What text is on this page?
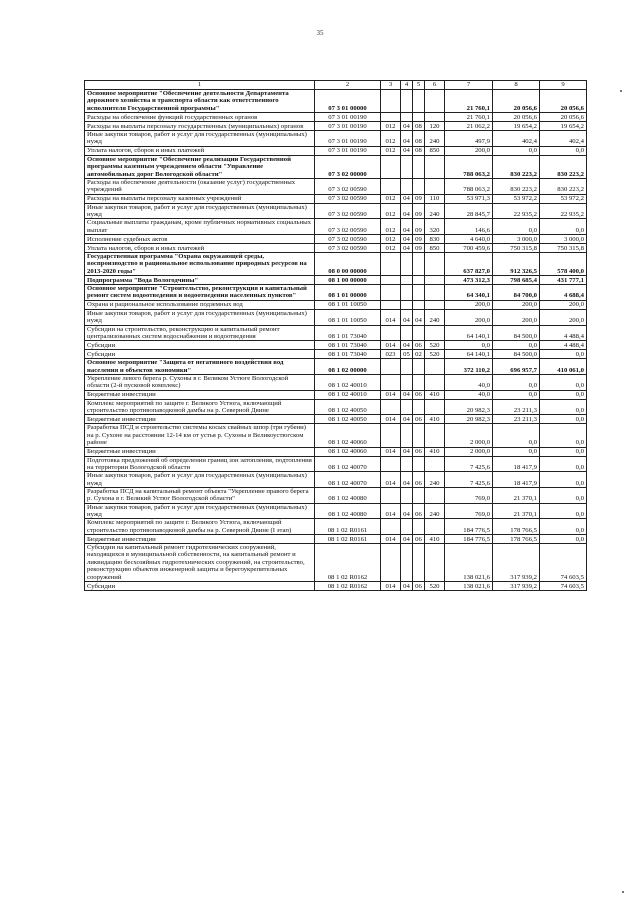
35
1	2	3	4	5	6	7	8	9
Основное мероприятие "Обеспечение деятельности Департамента дорожного хозяйства и транспорта области как ответственного исполнителя Государственной программы"	07 3 01 00000					21 760,1	20 056,6	20 056,6
Расходы на обеспечение функций государственных органов	07 3 01 00190					21 760,1	20 056,6	20 056,6
Расходы на выплаты персоналу государственных (муниципальных) органов	07 3 01 00190	012	04	08	120	21 062,2	19 654,2	19 654,2
Иные закупки товаров, работ и услуг для государственных (муниципальных) нужд	07 3 01 00190	012	04	08	240	497,9	402,4	402,4
Уплата налогов, сборов и иных платежей	07 3 01 00190	012	04	08	850	200,0	0,0	0,0
Основное мероприятие "Обеспечение реализации Государственной программы казенным учреждением области "Управление автомобильных дорог Вологодской области"	07 3 02 00000					788 063,2	830 223,2	830 223,2
Расходы на обеспечение деятельности (оказание услуг) государственных учреждений	07 3 02 00590					788 063,2	830 223,2	830 223,2
Расходы на выплаты персоналу казенных учреждений	07 3 02 00590	012	04	09	110	53 971,3	53 972,2	53 972,2
Иные закупки товаров, работ и услуг для государственных (муниципальных) нужд	07 3 02 00590	012	04	09	240	28 845,7	22 935,2	22 935,2
Социальные выплаты гражданам, кроме публичных нормативных социальных выплат	07 3 02 00590	012	04	09	320	146,6	0,0	0,0
Исполнение судебных актов	07 3 02 00590	012	04	09	830	4 640,0	3 000,0	3 000,0
Уплата налогов, сборов и иных платежей	07 3 02 00590	012	04	09	850	700 459,6	750 315,8	750 315,8
Государственная программа "Охрана окружающей среды, воспроизводство и рациональное использование природных ресурсов на 2013-2020 годы"	08 0 00 00000					637 827,0	912 326,5	578 400,0
Подпрограмма "Вода Вологодчины"	08 1 00 00000					473 312,3	798 685,4	431 777,1
Основное мероприятие "Строительство, реконструкция и капитальный ремонт систем водоотведения и водоотведения населенных пунктов"	08 1 01 00000					64 340,1	84 700,0	4 688,4
Охрана и рациональное использование подземных вод	08 1 01 10050					200,0	200,0	200,0
Иные закупки товаров, работ и услуг для государственных (муниципальных) нужд	08 1 01 10050	014	04	04	240	200,0	200,0	200,0
Субсидии на строительство, реконструкцию и капитальный ремонт централизованных систем водоснабжения и водоотведения	08 1 01 73040					64 140,1	84 500,0	4 488,4
Субсидии	08 1 01 73040	014	04	06	520	0,0	0,0	4 488,4
Субсидии	08 1 01 73040	023	05	02	520	64 140,1	84 500,0	0,0
Основное мероприятие "Защита от негативного воздействия вод населения и объектов экономики"	08 1 02 00000					372 110,2	696 957,7	410 061,0
Укрепление левого берега р. Сухоны в г. Великом Устюге Вологодской области (2-й пусковой комплекс)	08 1 02 40010					40,0	0,0	0,0
Бюджетные инвестиции	08 1 02 40010	014	04	06	410	40,0	0,0	0,0
Комплекс мероприятий по защите г. Великого Устюга, включающий строительство противопаводковой дамбы на р. Северной Двине	08 1 02 40050					20 982,3	23 211,3	0,0
Бюджетные инвестиции	08 1 02 40050	014	04	06	410	20 982,3	23 211,3	0,0
Разработка ПСД и строительство системы косых свайных шпор (три губени) на р. Сухоне на расстоянии 12-14 км от устья р. Сухоны в Великоустюгском районе	08 1 02 40060					2 000,0	0,0	0,0
Бюджетные инвестиции	08 1 02 40060	014	04	06	410	2 000,0	0,0	0,0
Подготовка предложений об определении границ зон затопления, подтопления на территории Вологодской области	08 1 02 40070					7 425,6	18 417,9	0,0
Иные закупки товаров, работ и услуг для государственных (муниципальных) нужд	08 1 02 40070	014	04	06	240	7 425,6	18 417,9	0,0
Разработка ПСД на капитальный ремонт объекта "Укрепление правого берега р. Сухона в г. Великий Устюг Вологодской области"	08 1 02 40080					769,0	21 370,1	0,0
Иные закупки товаров, работ и услуг для государственных (муниципальных) нужд	08 1 02 40080	014	04	06	240	769,0	21 370,1	0,0
Комплекс мероприятий по защите г. Великого Устюга, включающий строительство противопаводковой дамбы на р. Северной Двине (I этап)	08 1 02 R0161					184 776,5	178 766,5	0,0
Бюджетные инвестиции	08 1 02 R0161	014	04	06	410	184 776,5	178 766,5	0,0
Субсидии на капитальный ремонт гидротехнических сооружений, находящихся в муниципальной собственности, на капитальный ремонт и ликвидацию бесхозяйных гидротехнических сооружений, на строительство, реконструкцию объектов инженерной защиты и берегоукрепительных сооружений	08 1 02 R0162					138 021,6	317 939,2	74 603,5
Субсидии	08 1 02 R0162	014	04	06	520	138 021,6	317 939,2	74 603,5
